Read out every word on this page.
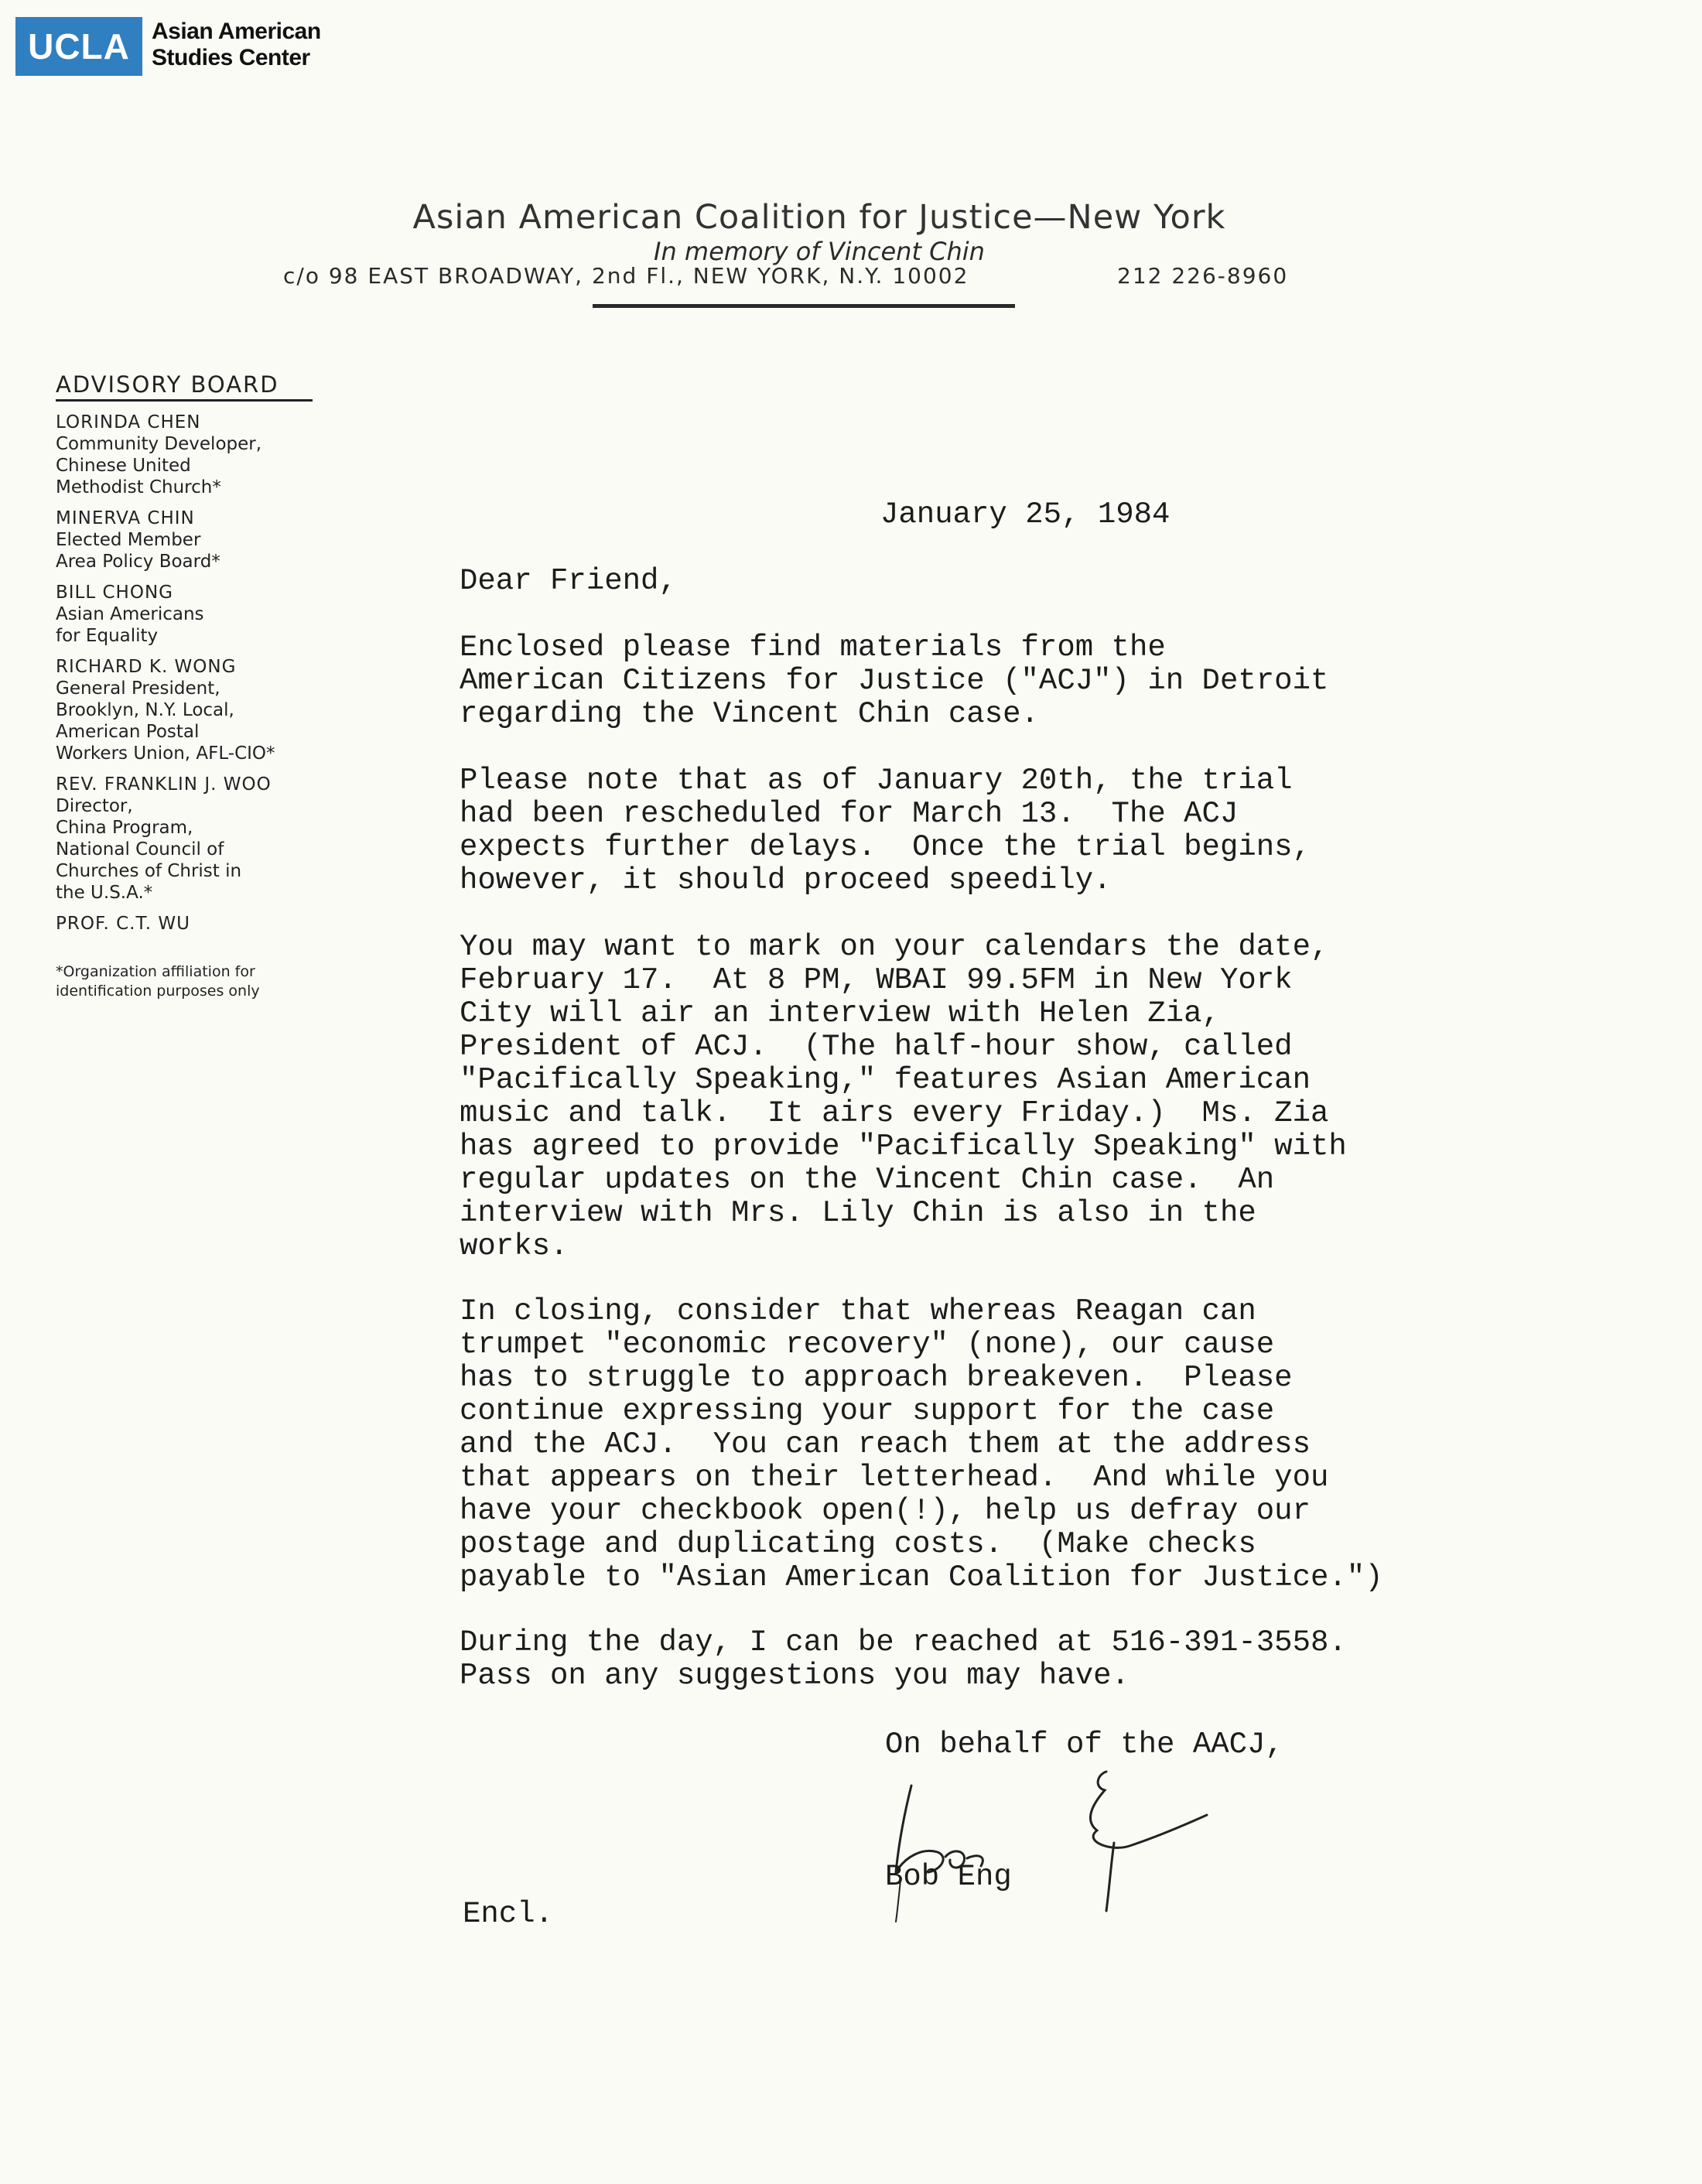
UCLA Asian American
Studies Center
Asian American Coalition for Justice—New York
In memory of Vincent Chin
c/o 98 EAST BROADWAY, 2nd Fl., NEW YORK, N.Y. 10002	212 226-8960
ADVISORY BOARD
LORINDA CHEN
Community Developer,
Chinese United
Methodist Church*
MINERVA CHIN
Elected Member
Area Policy Board*
BILL CHONG
Asian Americans
for Equality
RICHARD K. WONG
General President,
Brooklyn, N.Y. Local,
American Postal
Workers Union, AFL-CIO*
REV. FRANKLIN J. WOO
Director,
China Program,
National Council of
Churches of Christ in
the U.S.A.*
PROF. C.T. WU
*Organization affiliation for
identification purposes only
January 25, 1984
Dear Friend,
Enclosed please find materials from the
American Citizens for Justice ("ACJ") in Detroit
regarding the Vincent Chin case.
Please note that as of January 20th, the trial
had been rescheduled for March 13.  The ACJ
expects further delays.  Once the trial begins,
however, it should proceed speedily.
You may want to mark on your calendars the date,
February 17.  At 8 PM, WBAI 99.5FM in New York
City will air an interview with Helen Zia,
President of ACJ.  (The half-hour show, called
"Pacifically Speaking," features Asian American
music and talk.  It airs every Friday.)  Ms. Zia
has agreed to provide "Pacifically Speaking" with
regular updates on the Vincent Chin case.  An
interview with Mrs. Lily Chin is also in the
works.
In closing, consider that whereas Reagan can
trumpet "economic recovery" (none), our cause
has to struggle to approach breakeven.  Please
continue expressing your support for the case
and the ACJ.  You can reach them at the address
that appears on their letterhead.  And while you
have your checkbook open(!), help us defray our
postage and duplicating costs.  (Make checks
payable to "Asian American Coalition for Justice.")
During the day, I can be reached at 516-391-3558.
Pass on any suggestions you may have.
On behalf of the AACJ,
Bob Eng
Encl.
